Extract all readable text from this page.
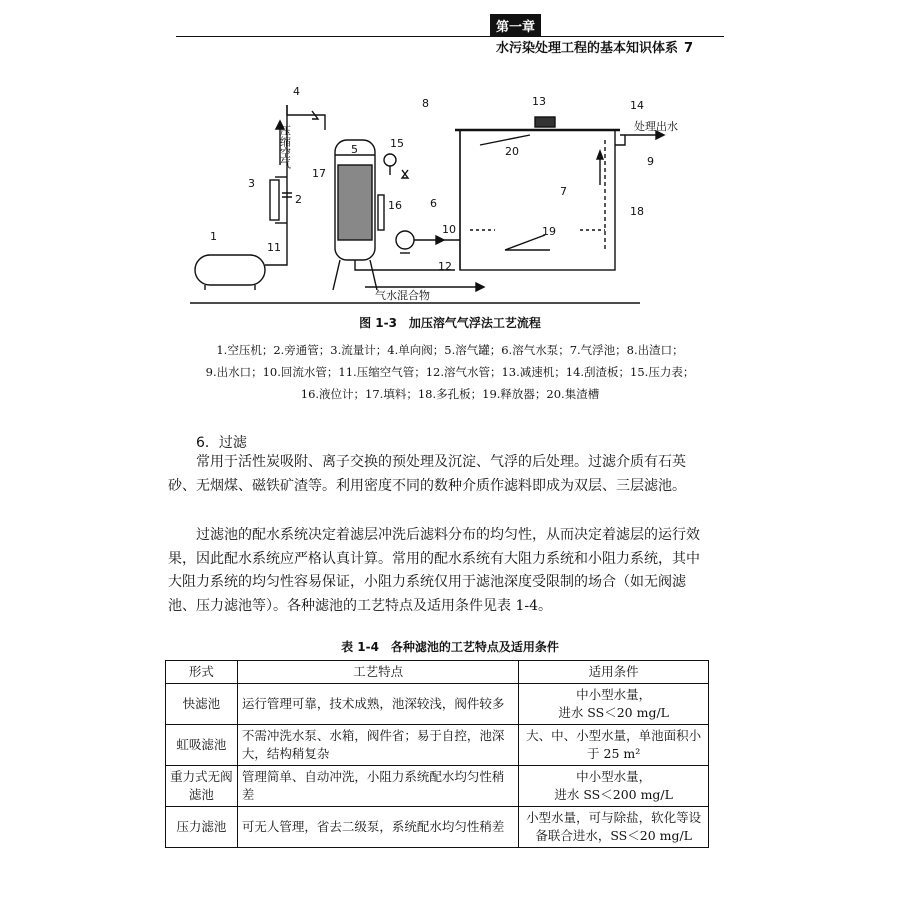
第一章水污染处理工程的基本知识体系 7
1
2
3
4
5
6
7
8
9
10
11
12
13	14
15
16
17
18
19
20
压缩空气	处理出水
气水混合物
图 1-3　加压溶气气浮法工艺流程
1.空压机；2.旁通管；3.流量计；4.单向阀；5.溶气罐；6.溶气水泵；7.气浮池；8.出渣口；
9.出水口；10.回流水管；11.压缩空气管；12.溶气水管；13.减速机；14.刮渣板；15.压力表；
16.液位计；17.填料；18.多孔板；19.释放器；20.集渣槽
6．过滤
常用于活性炭吸附、离子交换的预处理及沉淀、气浮的后处理。过滤介质有石英砂、无烟煤、磁铁矿渣等。利用密度不同的数种介质作滤料即成为双层、三层滤池。
过滤池的配水系统决定着滤层冲洗后滤料分布的均匀性，从而决定着滤层的运行效果，因此配水系统应严格认真计算。常用的配水系统有大阻力系统和小阻力系统，其中大阻力系统的均匀性容易保证，小阻力系统仅用于滤池深度受限制的场合（如无阀滤池、压力滤池等）。各种滤池的工艺特点及适用条件见表 1-4。
表 1-4　各种滤池的工艺特点及适用条件
形式	工艺特点	适用条件
快滤池	运行管理可靠，技术成熟，池深较浅，阀件较多	中小型水量，
进水 SS＜20 mg/L

虹吸滤池	不需冲洗水泵、水箱，阀件省；易于自控，池深大，结构稍复杂	大、中、小型水量，单池面积小
于 25 m²

重力式无阀滤池	管理简单、自动冲洗，小阻力系统配水均匀性稍差	中小型水量，
进水 SS＜200 mg/L

压力滤池	可无人管理，省去二级泵，系统配水均匀性稍差	小型水量，可与除盐，软化等设
备联合进水，SS＜20 mg/L
